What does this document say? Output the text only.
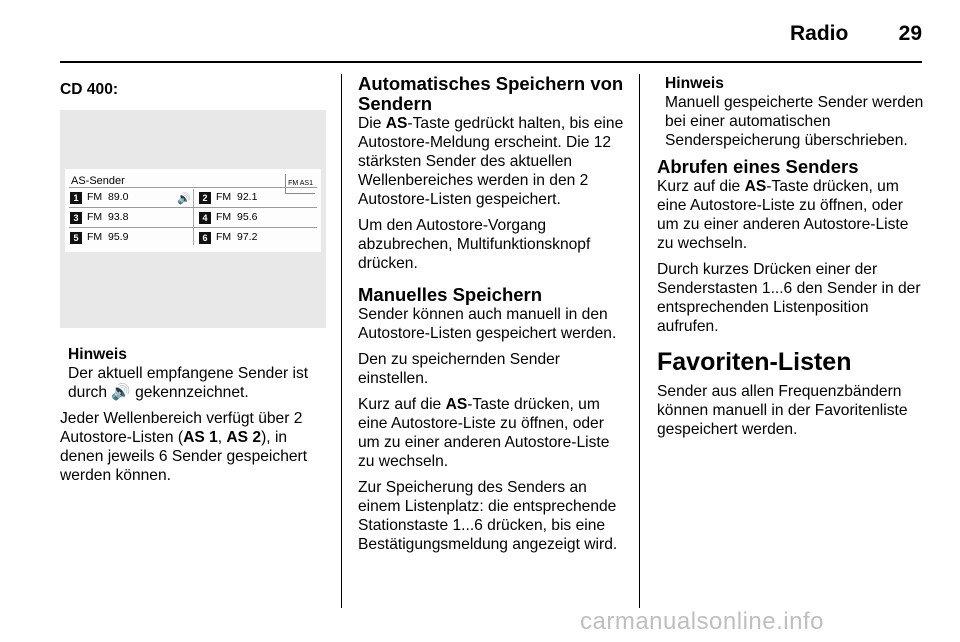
Radio	29
CD 400:
AS-Sender	FM AS1
1 FM  89.0	🔊	2 FM  92.1
3 FM  93.8	4 FM  95.6
5 FM  95.9	6 FM  97.2
Hinweis
Der aktuell empfangene Sender ist durch 🔊 gekennzeichnet.

Jeder Wellenbereich verfügt über 2 Autostore-Listen (AS 1, AS 2), in denen jeweils 6 Sender gespeichert werden können.

Automatisches Speichern von Sendern

Die AS-Taste gedrückt halten, bis eine Autostore-Meldung erscheint. Die 12 stärksten Sender des aktuellen Wellenbereiches werden in den 2 Autostore-Listen gespeichert.

Um den Autostore-Vorgang abzubrechen, Multifunktionsknopf drücken.

Manuelles Speichern

Sender können auch manuell in den Autostore-Listen gespeichert werden.

Den zu speichernden Sender einstellen.

Kurz auf die AS-Taste drücken, um eine Autostore-Liste zu öffnen, oder um zu einer anderen Autostore-Liste zu wechseln.

Zur Speicherung des Senders an einem Listenplatz: die entsprechende Stationstaste 1...6 drücken, bis eine Bestätigungsmeldung angezeigt wird.

Hinweis
Manuell gespeicherte Sender werden bei einer automatischen Senderspeicherung überschrieben.
Abrufen eines Senders

Kurz auf die AS-Taste drücken, um eine Autostore-Liste zu öffnen, oder um zu einer anderen Autostore-Liste zu wechseln.

Durch kurzes Drücken einer der Senderstasten 1...6 den Sender in der entsprechenden Listenposition aufrufen.

Favoriten-Listen

Sender aus allen Frequenzbändern können manuell in der Favoritenliste gespeichert werden.

carmanualsonline.info
